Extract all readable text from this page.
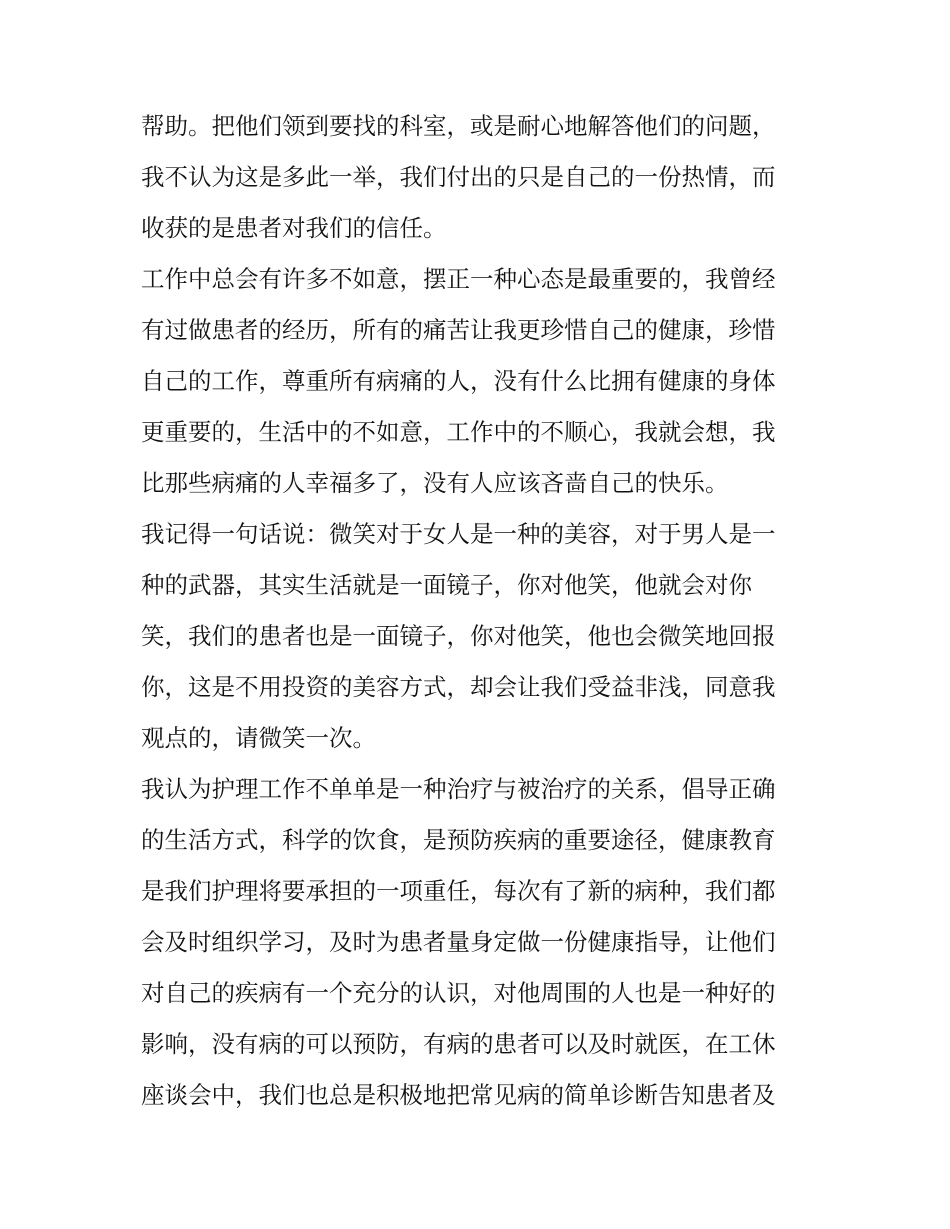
帮助。把他们领到要找的科室，或是耐心地解答他们的问题，
我不认为这是多此一举，我们付出的只是自己的一份热情，而
收获的是患者对我们的信任。
工作中总会有许多不如意，摆正一种心态是最重要的，我曾经
有过做患者的经历，所有的痛苦让我更珍惜自己的健康，珍惜
自己的工作，尊重所有病痛的人，没有什么比拥有健康的身体
更重要的，生活中的不如意，工作中的不顺心，我就会想，我
比那些病痛的人幸福多了，没有人应该吝啬自己的快乐。
我记得一句话说：微笑对于女人是一种的美容，对于男人是一
种的武器，其实生活就是一面镜子，你对他笑，他就会对你
笑，我们的患者也是一面镜子，你对他笑，他也会微笑地回报
你，这是不用投资的美容方式，却会让我们受益非浅，同意我
观点的，请微笑一次。
我认为护理工作不单单是一种治疗与被治疗的关系，倡导正确
的生活方式，科学的饮食，是预防疾病的重要途径，健康教育
是我们护理将要承担的一项重任，每次有了新的病种，我们都
会及时组织学习，及时为患者量身定做一份健康指导，让他们
对自己的疾病有一个充分的认识，对他周围的人也是一种好的
影响，没有病的可以预防，有病的患者可以及时就医，在工休
座谈会中，我们也总是积极地把常见病的简单诊断告知患者及
